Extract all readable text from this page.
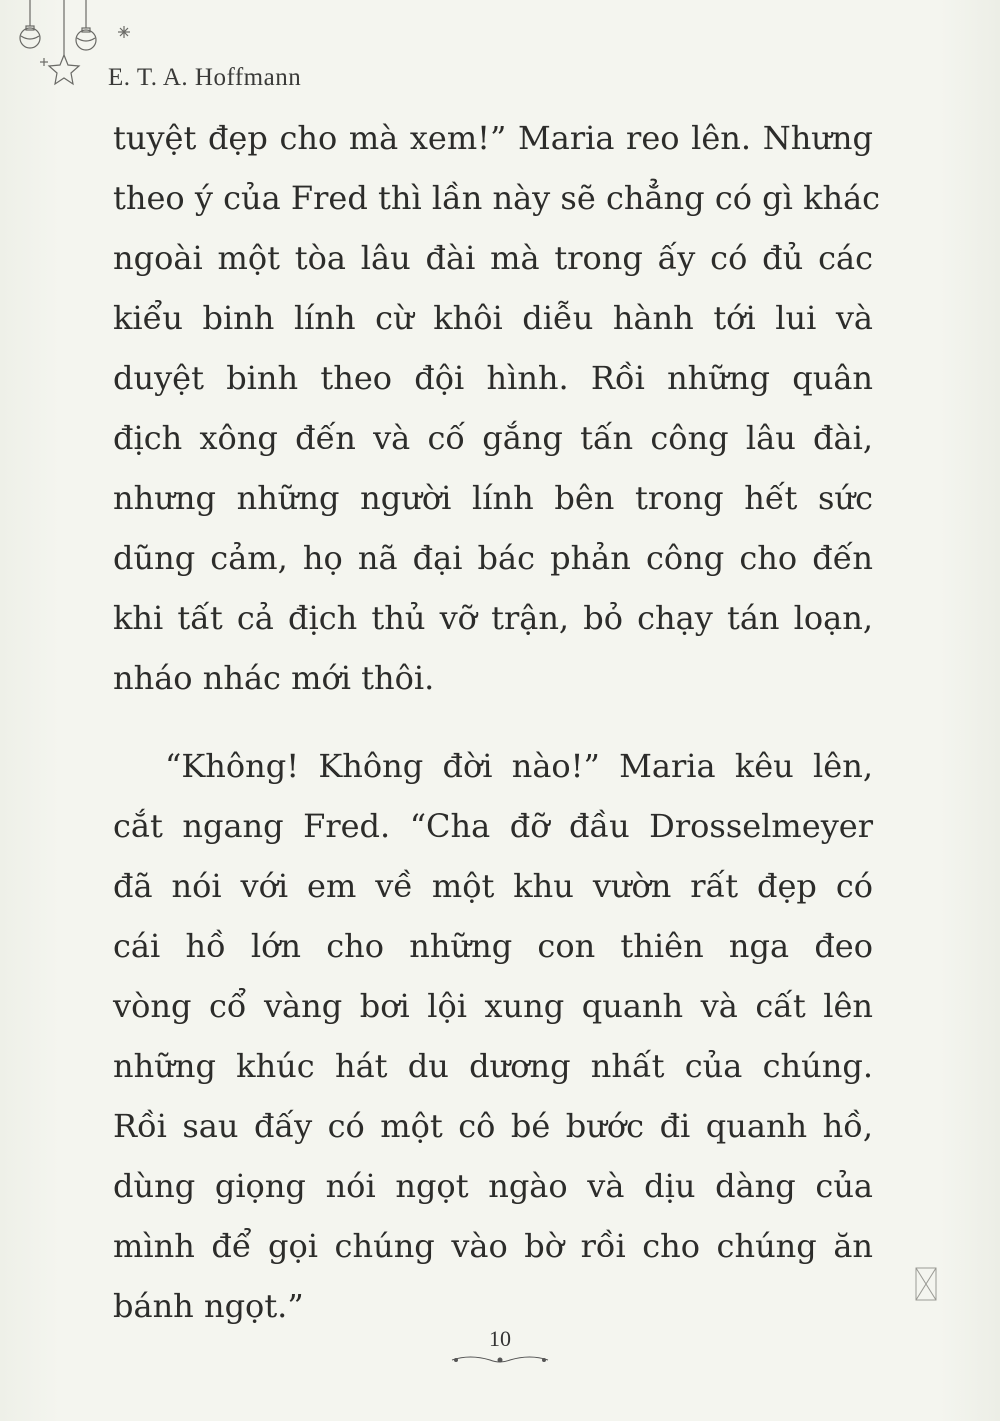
E. T. A. Hoffmann
tuyệt đẹp cho mà xem!” Maria reo lên. Nhưng
theo ý của Fred thì lần này sẽ chẳng có gì khác
ngoài một tòa lâu đài mà trong ấy có đủ các
kiểu binh lính cừ khôi diễu hành tới lui và
duyệt binh theo đội hình. Rồi những quân
địch xông đến và cố gắng tấn công lâu đài,
nhưng những người lính bên trong hết sức
dũng cảm, họ nã đại bác phản công cho đến
khi tất cả địch thủ vỡ trận, bỏ chạy tán loạn,
nháo nhác mới thôi.
“Không! Không đời nào!” Maria kêu lên,
cắt ngang Fred. “Cha đỡ đầu Drosselmeyer
đã nói với em về một khu vườn rất đẹp có
cái hồ lớn cho những con thiên nga đeo
vòng cổ vàng bơi lội xung quanh và cất lên
những khúc hát du dương nhất của chúng.
Rồi sau đấy có một cô bé bước đi quanh hồ,
dùng giọng nói ngọt ngào và dịu dàng của
mình để gọi chúng vào bờ rồi cho chúng ăn
bánh ngọt.”
10
